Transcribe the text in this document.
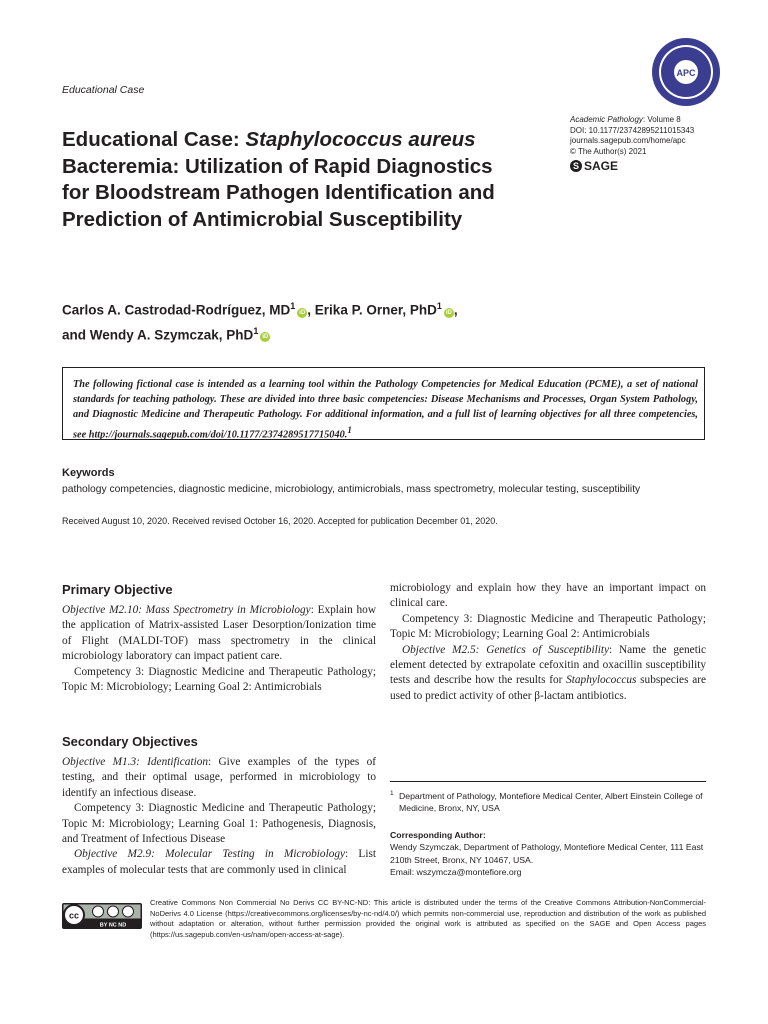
Educational Case
APC
Academic Pathology: Volume 8
DOI: 10.1177/23742895211015343
journals.sagepub.com/home/apc
© The Author(s) 2021
S SAGE
Educational Case: Staphylococcus aureus Bacteremia: Utilization of Rapid Diagnostics for Bloodstream Pathogen Identification and Prediction of Antimicrobial Susceptibility
Carlos A. Castrodad-Rodríguez, $MD^1iD$ , Erika P. Orner, PhD$^1$iD ,
and Wendy A. Szymczak, PhD$^1$iD
The following fictional case is intended as a learning tool within the Pathology Competencies for Medical Education (PCME), a set of national standards for teaching pathology. These are divided into three basic competencies: Disease Mechanisms and Processes, Organ System Pathology, and Diagnostic Medicine and Therapeutic Pathology. For additional information, and a full list of learning objectives for all three competencies, see http://journals.sagepub.com/doi/10.1177/2374289517715040.$^1$
Keywords
pathology competencies, diagnostic medicine, microbiology, antimicrobials, mass spectrometry, molecular testing, susceptibility
Received August 10, 2020. Received revised October 16, 2020. Accepted for publication December 01, 2020.
Primary Objective

Objective M2.10: Mass Spectrometry in Microbiology: Explain how the application of Matrix-assisted Laser Desorption/Ionization time of Flight (MALDI-TOF) mass spectrometry in the clinical microbiology laboratory can impact patient care.

Competency 3: Diagnostic Medicine and Therapeutic Pathology; Topic M: Microbiology; Learning Goal 2: Antimicrobials

Secondary Objectives

Objective M1.3: Identification: Give examples of the types of testing, and their optimal usage, performed in microbiology to identify an infectious disease.

Competency 3: Diagnostic Medicine and Therapeutic Pathology; Topic M: Microbiology; Learning Goal 1: Pathogenesis, Diagnosis, and Treatment of Infectious Disease

Objective M2.9: Molecular Testing in Microbiology: List examples of molecular tests that are commonly used in clinical

microbiology and explain how they have an important impact on clinical care.

Competency 3: Diagnostic Medicine and Therapeutic Pathology; Topic M: Microbiology; Learning Goal 2: Antimicrobials

Objective M2.5: Genetics of Susceptibility: Name the genetic element detected by extrapolate cefoxitin and oxacillin susceptibility tests and describe how the results for Staphylococcus subspecies are used to predict activity of other β-lactam antibiotics.

1 Department of Pathology, Montefiore Medical Center, Albert Einstein College of Medicine, Bronx, NY, USA
Corresponding Author:
Wendy Szymczak, Department of Pathology, Montefiore Medical Center, 111 East 210th Street, Bronx, NY 10467, USA.
Email: wszymcza@montefiore.org
cc
BY NC ND
Creative Commons Non Commercial No Derivs CC BY-NC-ND: This article is distributed under the terms of the Creative Commons Attribution-NonCommercial-NoDerivs 4.0 License (https://creativecommons.org/licenses/by-nc-nd/4.0/) which permits non-commercial use, reproduction and distribution of the work as published without adaptation or alteration, without further permission provided the original work is attributed as specified on the SAGE and Open Access pages (https://us.sagepub.com/en-us/nam/open-access-at-sage).
